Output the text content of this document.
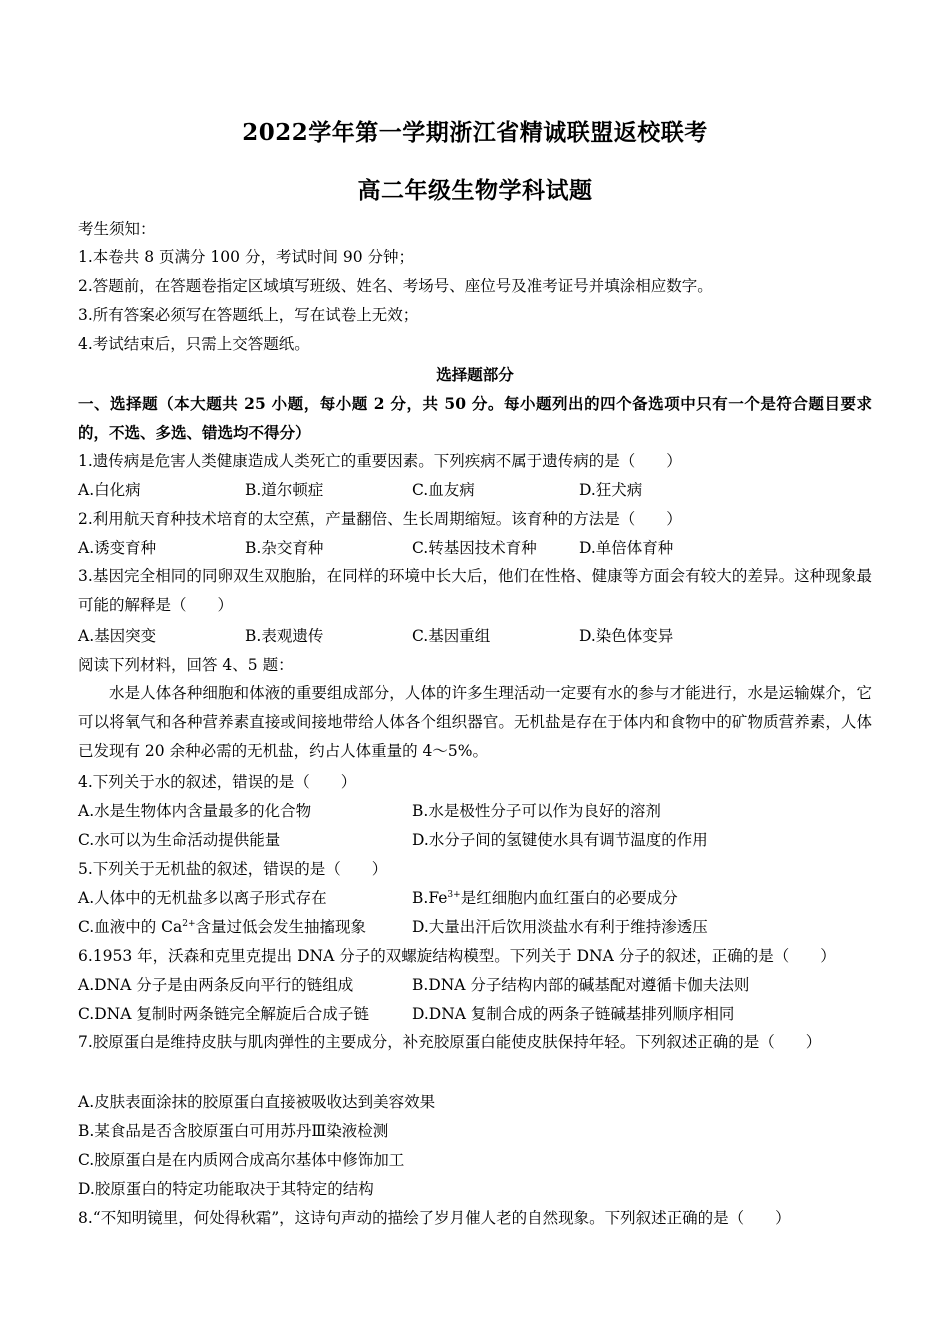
2022学年第一学期浙江省精诚联盟返校联考
高二年级生物学科试题
考生须知：
1.本卷共 8 页满分 100 分，考试时间 90 分钟；
2.答题前，在答题卷指定区域填写班级、姓名、考场号、座位号及准考证号并填涂相应数字。
3.所有答案必须写在答题纸上，写在试卷上无效；
4.考试结束后，只需上交答题纸。
选择题部分
一、选择题（本大题共 25 小题，每小题 2 分，共 50 分。每小题列出的四个备选项中只有一个是符合题目要求的，不选、多选、错选均不得分）
1.遗传病是危害人类健康造成人类死亡的重要因素。下列疾病不属于遗传病的是（　　）
A.白化病	B.道尔顿症	C.血友病	D.狂犬病
2.利用航天育种技术培育的太空蕉，产量翻倍、生长周期缩短。该育种的方法是（　　）
A.诱变育种	B.杂交育种	C.转基因技术育种	D.单倍体育种
3.基因完全相同的同卵双生双胞胎，在同样的环境中长大后，他们在性格、健康等方面会有较大的差异。这种现象最可能的解释是（　　）
A.基因突变	B.表观遗传	C.基因重组	D.染色体变异
阅读下列材料，回答 4、5 题：
水是人体各种细胞和体液的重要组成部分，人体的许多生理活动一定要有水的参与才能进行，水是运输媒介，它可以将氧气和各种营养素直接或间接地带给人体各个组织器官。无机盐是存在于体内和食物中的矿物质营养素，人体已发现有 20 余种必需的无机盐，约占人体重量的 4～5%。
4.下列关于水的叙述，错误的是（　　）
A.水是生物体内含量最多的化合物	B.水是极性分子可以作为良好的溶剂
C.水可以为生命活动提供能量	D.水分子间的氢键使水具有调节温度的作用
5.下列关于无机盐的叙述，错误的是（　　）
A.人体中的无机盐多以离子形式存在	$B.Fe^{3+}$是红细胞内血红蛋白的必要成分
C.血液中的 $Ca^{2+}$含量过低会发生抽搐现象	D.大量出汗后饮用淡盐水有利于维持渗透压
6.1953 年，沃森和克里克提出 DNA 分子的双螺旋结构模型。下列关于 DNA 分子的叙述，正确的是（　　）
A.DNA 分子是由两条反向平行的链组成	B.DNA 分子结构内部的碱基配对遵循卡伽夫法则
C.DNA 复制时两条链完全解旋后合成子链	D.DNA 复制合成的两条子链碱基排列顺序相同
7.胶原蛋白是维持皮肤与肌肉弹性的主要成分，补充胶原蛋白能使皮肤保持年轻。下列叙述正确的是（　　）
A.皮肤表面涂抹的胶原蛋白直接被吸收达到美容效果
B.某食品是否含胶原蛋白可用苏丹Ⅲ染液检测
C.胶原蛋白是在内质网合成高尔基体中修饰加工
D.胶原蛋白的特定功能取决于其特定的结构
8.“不知明镜里，何处得秋霜”，这诗句声动的描绘了岁月催人老的自然现象。下列叙述正确的是（　　）
